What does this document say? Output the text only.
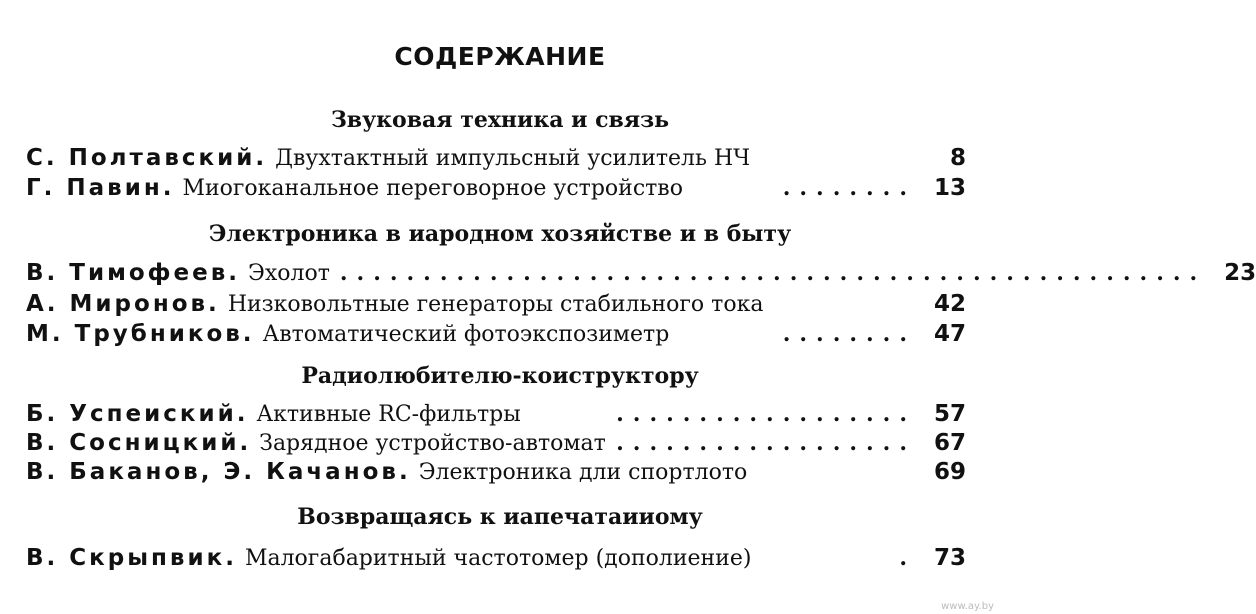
СОДЕРЖАНИЕ
Звуковая техника и связь
С. Полтавский. Двухтактный импульсный усилитель НЧ	8
Г. Павин. Миогоканальное переговорное устройство	........ 13
Электроника в иародном хозяйстве и в быту
В. Тимофеев. Эхолот .................................................... 23
А. Миронов. Низковольтные генераторы стабильного тока	42
М. Трубников. Автоматический фотоэкспозиметр	........ 47
Радиолюбителю-коиструктору
Б. Успеиский. Активные RC-фильтры	.................. 57
В. Сосницкий. Зарядное устройство-автомат .................. 67
В. Баканов, Э. Качанов. Электроника дли спортлото	69
Возвращаясь к иапечатаииому
В. Скрыпвик. Малогабаритный частотомер (дополиение)	. 73
www.ay.by
